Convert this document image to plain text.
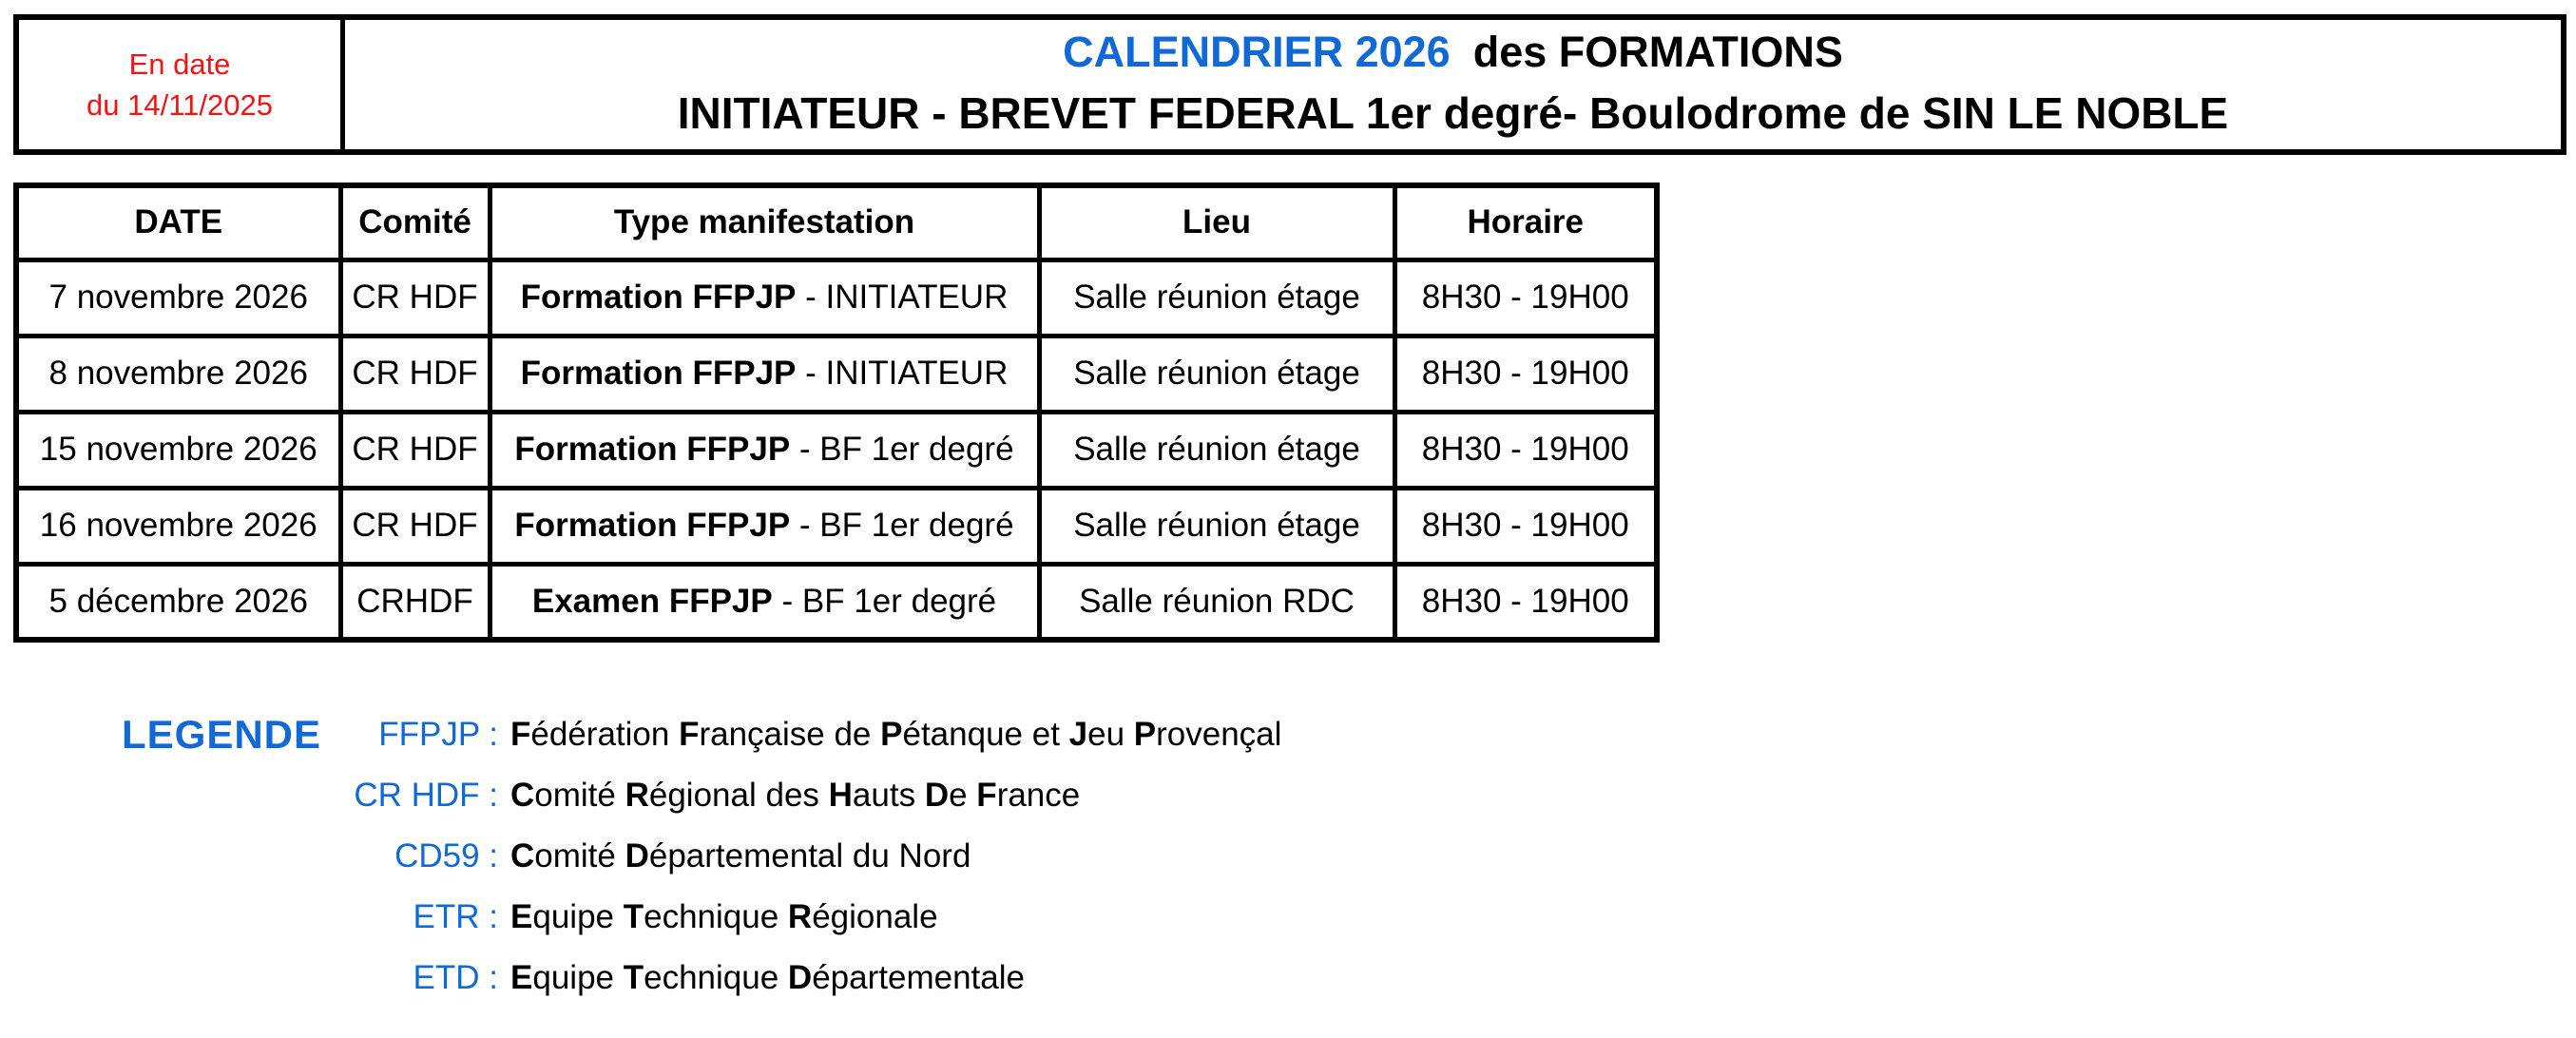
En date
du 14/11/2025
CALENDRIER 2026 des FORMATIONS
INITIATEUR - BREVET FEDERAL 1er degré- Boulodrome de SIN LE NOBLE
DATE	Comité	Type manifestation	Lieu	Horaire
7 novembre 2026	CR HDF	Formation FFPJP - INITIATEUR	Salle réunion étage	8H30 - 19H00
8 novembre 2026	CR HDF	Formation FFPJP - INITIATEUR	Salle réunion étage	8H30 - 19H00
15 novembre 2026	CR HDF	Formation FFPJP - BF 1er degré	Salle réunion étage	8H30 - 19H00
16 novembre 2026	CR HDF	Formation FFPJP - BF 1er degré	Salle réunion étage	8H30 - 19H00
5 décembre 2026	CRHDF	Examen FFPJP - BF 1er degré	Salle réunion RDC	8H30 - 19H00
LEGENDE	FFPJP : Fédération Française de Pétanque et Jeu Provençal
CR HDF : Comité Régional des Hauts De France
CD59 : Comité Départemental du Nord
ETR : Equipe Technique Régionale
ETD : Equipe Technique Départementale
